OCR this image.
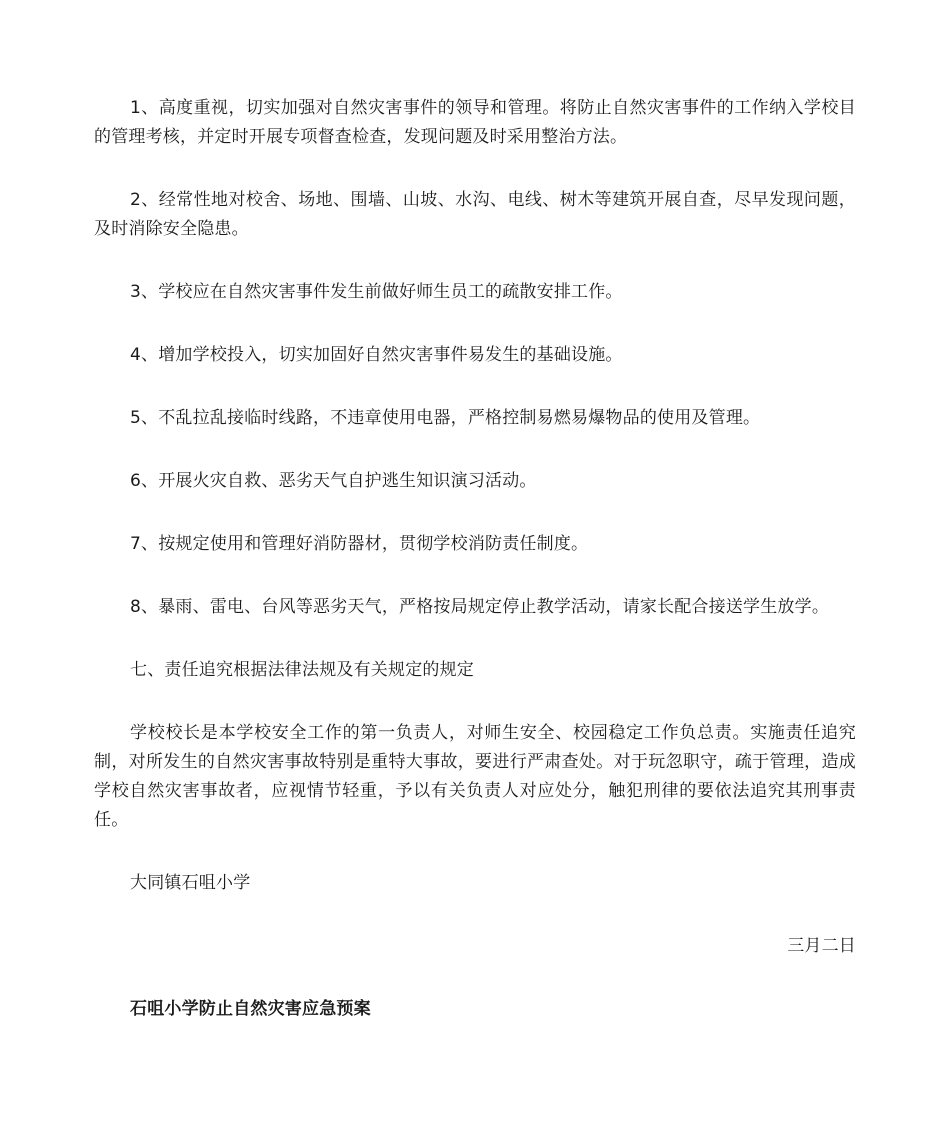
1、高度重视，切实加强对自然灾害事件的领导和管理。将防止自然灾害事件的工作纳入学校目的管理考核，并定时开展专项督查检查，发现问题及时采用整治方法。

2、经常性地对校舍、场地、围墙、山坡、水沟、电线、树木等建筑开展自查，尽早发现问题，及时消除安全隐患。

3、学校应在自然灾害事件发生前做好师生员工的疏散安排工作。

4、增加学校投入，切实加固好自然灾害事件易发生的基础设施。

5、不乱拉乱接临时线路，不违章使用电器，严格控制易燃易爆物品的使用及管理。

6、开展火灾自救、恶劣天气自护逃生知识演习活动。

7、按规定使用和管理好消防器材，贯彻学校消防责任制度。

8、暴雨、雷电、台风等恶劣天气，严格按局规定停止教学活动，请家长配合接送学生放学。

七、责任追究根据法律法规及有关规定的规定

学校校长是本学校安全工作的第一负责人，对师生安全、校园稳定工作负总责。实施责任追究制，对所发生的自然灾害事故特别是重特大事故，要进行严肃查处。对于玩忽职守，疏于管理，造成学校自然灾害事故者，应视情节轻重，予以有关负责人对应处分，触犯刑律的要依法追究其刑事责任。

大同镇石咀小学

三月二日

石咀小学防止自然灾害应急预案
